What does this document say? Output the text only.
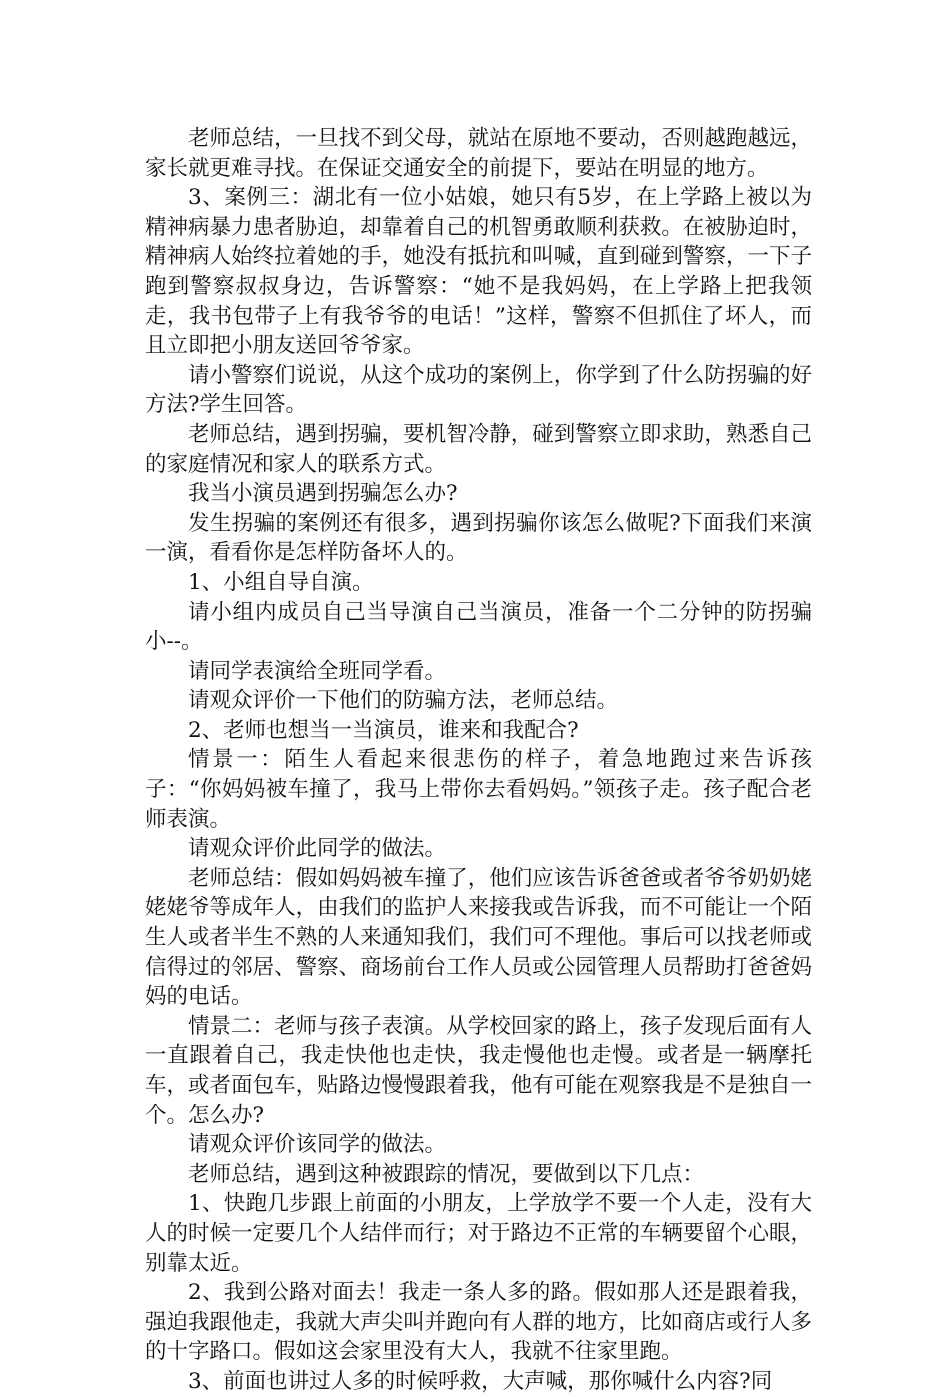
老师总结，一旦找不到父母，就站在原地不要动，否则越跑越远，家长就更难寻找。在保证交通安全的前提下，要站在明显的地方。

3、案例三：湖北有一位小姑娘，她只有5岁，在上学路上被以为精神病暴力患者胁迫，却靠着自己的机智勇敢顺利获救。在被胁迫时，精神病人始终拉着她的手，她没有抵抗和叫喊，直到碰到警察，一下子跑到警察叔叔身边，告诉警察：“她不是我妈妈，在上学路上把我领走，我书包带子上有我爷爷的电话！”这样，警察不但抓住了坏人，而且立即把小朋友送回爷爷家。

请小警察们说说，从这个成功的案例上，你学到了什么防拐骗的好方法?学生回答。

老师总结，遇到拐骗，要机智冷静，碰到警察立即求助，熟悉自己的家庭情况和家人的联系方式。

我当小演员遇到拐骗怎么办?

发生拐骗的案例还有很多，遇到拐骗你该怎么做呢?下面我们来演一演，看看你是怎样防备坏人的。

1、小组自导自演。

请小组内成员自己当导演自己当演员，准备一个二分钟的防拐骗小--。

请同学表演给全班同学看。

请观众评价一下他们的防骗方法，老师总结。

2、老师也想当一当演员，谁来和我配合?

情景一：陌生人看起来很悲伤的样子，着急地跑过来告诉孩子：“你妈妈被车撞了，我马上带你去看妈妈。”领孩子走。孩子配合老师表演。

请观众评价此同学的做法。

老师总结：假如妈妈被车撞了，他们应该告诉爸爸或者爷爷奶奶姥姥姥爷等成年人，由我们的监护人来接我或告诉我，而不可能让一个陌生人或者半生不熟的人来通知我们，我们可不理他。事后可以找老师或信得过的邻居、警察、商场前台工作人员或公园管理人员帮助打爸爸妈妈的电话。

情景二：老师与孩子表演。从学校回家的路上，孩子发现后面有人一直跟着自己，我走快他也走快，我走慢他也走慢。或者是一辆摩托车，或者面包车，贴路边慢慢跟着我，他有可能在观察我是不是独自一个。怎么办?

请观众评价该同学的做法。

老师总结，遇到这种被跟踪的情况，要做到以下几点：

1、快跑几步跟上前面的小朋友，上学放学不要一个人走，没有大人的时候一定要几个人结伴而行；对于路边不正常的车辆要留个心眼，别靠太近。

2、我到公路对面去！我走一条人多的路。假如那人还是跟着我，强迫我跟他走，我就大声尖叫并跑向有人群的地方，比如商店或行人多的十字路口。假如这会家里没有大人，我就不往家里跑。

3、前面也讲过人多的时候呼救，大声喊，那你喊什么内容?同
